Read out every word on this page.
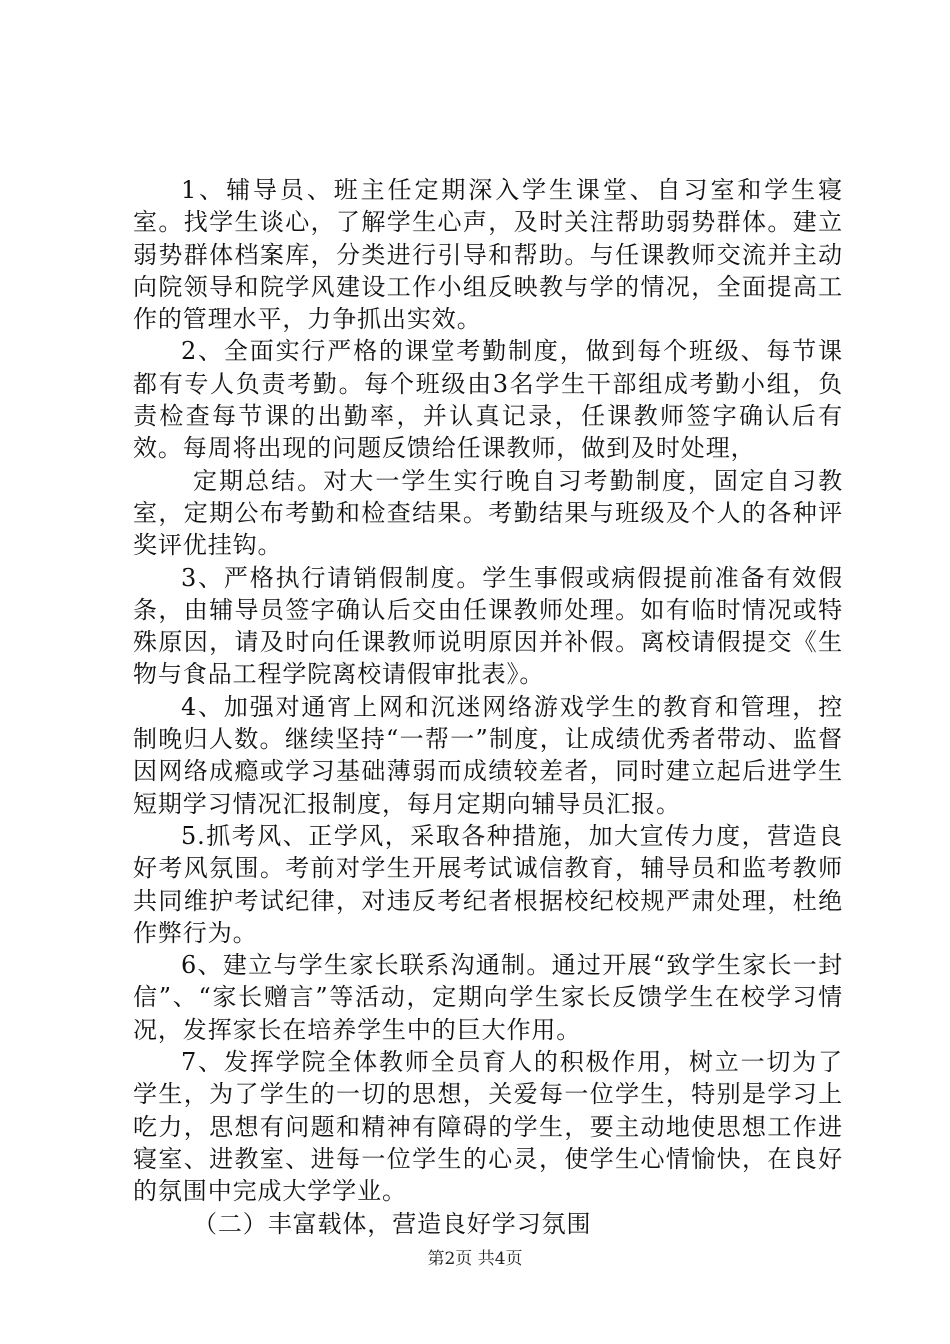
1、辅导员、班主任定期深入学生课堂、自习室和学生寝室。找学生谈心，了解学生心声，及时关注帮助弱势群体。建立弱势群体档案库，分类进行引导和帮助。与任课教师交流并主动向院领导和院学风建设工作小组反映教与学的情况，全面提高工作的管理水平，力争抓出实效。

2、全面实行严格的课堂考勤制度，做到每个班级、每节课都有专人负责考勤。每个班级由3名学生干部组成考勤小组，负责检查每节课的出勤率，并认真记录，任课教师签字确认后有效。每周将出现的问题反馈给任课教师，做到及时处理，

定期总结。对大一学生实行晚自习考勤制度，固定自习教室，定期公布考勤和检查结果。考勤结果与班级及个人的各种评奖评优挂钩。

3、严格执行请销假制度。学生事假或病假提前准备有效假条，由辅导员签字确认后交由任课教师处理。如有临时情况或特殊原因，请及时向任课教师说明原因并补假。离校请假提交《生物与食品工程学院离校请假审批表》。

4、加强对通宵上网和沉迷网络游戏学生的教育和管理，控制晚归人数。继续坚持“一帮一”制度，让成绩优秀者带动、监督因网络成瘾或学习基础薄弱而成绩较差者，同时建立起后进学生短期学习情况汇报制度，每月定期向辅导员汇报。

5.抓考风、正学风，采取各种措施，加大宣传力度，营造良好考风氛围。考前对学生开展考试诚信教育，辅导员和监考教师共同维护考试纪律，对违反考纪者根据校纪校规严肃处理，杜绝作弊行为。

6、建立与学生家长联系沟通制。通过开展“致学生家长一封信”、“家长赠言”等活动，定期向学生家长反馈学生在校学习情况，发挥家长在培养学生中的巨大作用。

7、发挥学院全体教师全员育人的积极作用，树立一切为了学生，为了学生的一切的思想，关爱每一位学生，特别是学习上吃力，思想有问题和精神有障碍的学生，要主动地使思想工作进寝室、进教室、进每一位学生的心灵，使学生心情愉快，在良好的氛围中完成大学学业。

（二）丰富载体，营造良好学习氛围

第2页 共4页
